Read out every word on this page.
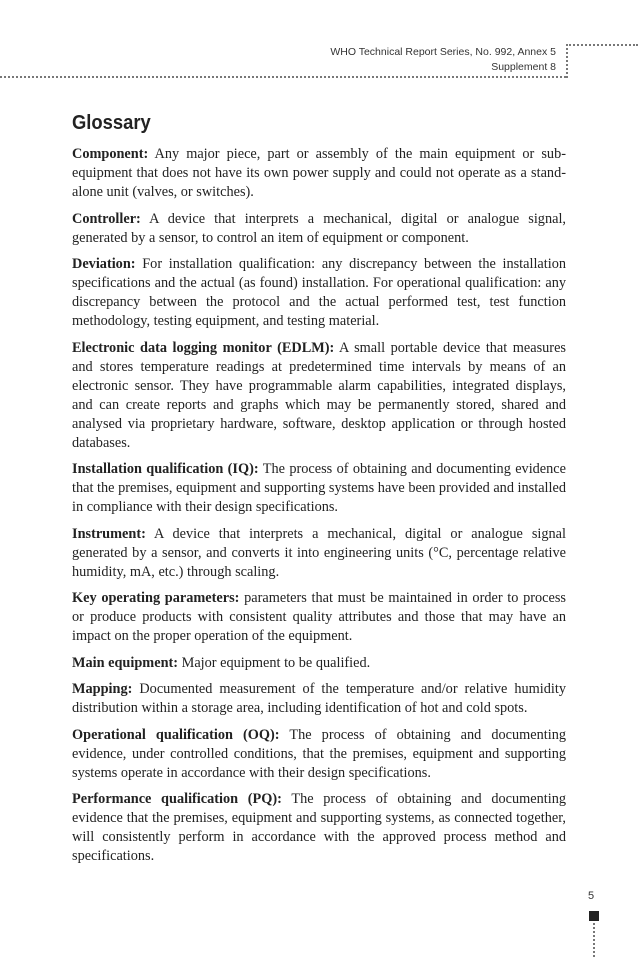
WHO Technical Report Series, No. 992, Annex 5
Supplement 8
Glossary

Component: Any major piece, part or assembly of the main equipment or sub-equipment that does not have its own power supply and could not operate as a stand-alone unit (valves, or switches).

Controller: A device that interprets a mechanical, digital or analogue signal, generated by a sensor, to control an item of equipment or component.

Deviation: For installation qualification: any discrepancy between the installation specifications and the actual (as found) installation. For operational qualification: any discrepancy between the protocol and the actual performed test, test function methodology, testing equipment, and testing material.

Electronic data logging monitor (EDLM): A small portable device that measures and stores temperature readings at predetermined time intervals by means of an electronic sensor. They have programmable alarm capabilities, integrated displays, and can create reports and graphs which may be permanently stored, shared and analysed via proprietary hardware, software, desktop application or through hosted databases.

Installation qualification (IQ): The process of obtaining and documenting evidence that the premises, equipment and supporting systems have been provided and installed in compliance with their design specifications.

Instrument: A device that interprets a mechanical, digital or analogue signal generated by a sensor, and converts it into engineering units (°C, percentage relative humidity, mA, etc.) through scaling.

Key operating parameters: parameters that must be maintained in order to process or produce products with consistent quality attributes and those that may have an impact on the proper operation of the equipment.

Main equipment: Major equipment to be qualified.

Mapping: Documented measurement of the temperature and/or relative humidity distribution within a storage area, including identification of hot and cold spots.

Operational qualification (OQ): The process of obtaining and documenting evidence, under controlled conditions, that the premises, equipment and supporting systems operate in accordance with their design specifications.

Performance qualification (PQ): The process of obtaining and documenting evidence that the premises, equipment and supporting systems, as connected together, will consistently perform in accordance with the approved process method and specifications.

5
